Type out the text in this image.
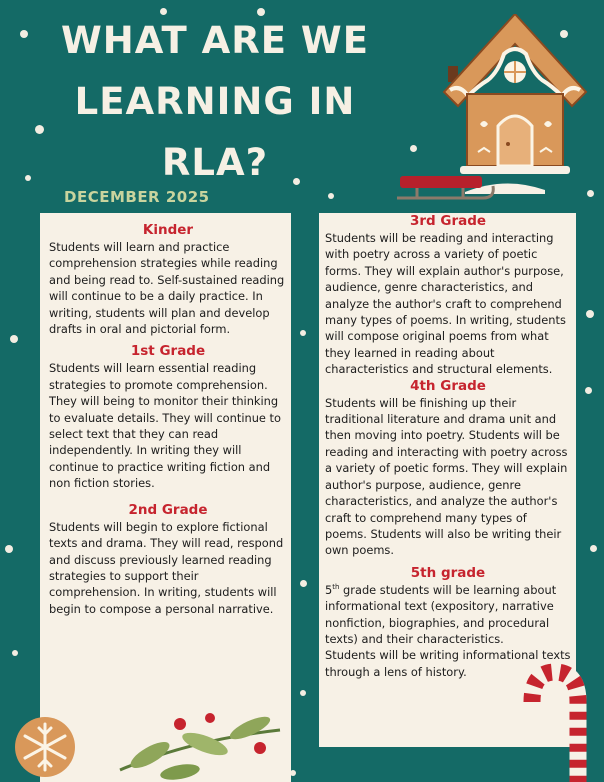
WHAT ARE WE
LEARNING IN
RLA?
DECEMBER 2025
Kinder

Students will learn and practice comprehension strategies while reading and being read to. Self-sustained reading will continue to be a daily practice. In writing, students will plan and develop drafts in oral and pictorial form.

1st Grade

Students will learn essential reading strategies to promote comprehension. They will being to monitor their thinking to evaluate details. They will continue to select text that they can read independently. In writing they will continue to practice writing fiction and non fiction stories.

2nd Grade

Students will begin to explore fictional texts and drama. They will read, respond and discuss previously learned reading strategies to support their comprehension. In writing, students will begin to compose a personal narrative.

3rd Grade

Students will be reading and interacting with poetry across a variety of poetic forms. They will explain author's purpose, audience, genre characteristics, and analyze the author's craft to comprehend many types of poems. In writing, students will compose original poems from what they learned in reading about characteristics and structural elements.

4th Grade

Students will be finishing up their traditional literature and drama unit and then moving into poetry. Students will be reading and interacting with poetry across a variety of poetic forms. They will explain author's purpose, audience, genre characteristics, and analyze the author's craft to comprehend many types of poems. Students will also be writing their own poems.

5th grade

5th grade students will be learning about informational text (expository, narrative nonfiction, biographies, and procedural texts) and their characteristics.
Students will be writing informational texts through a lens of history.
